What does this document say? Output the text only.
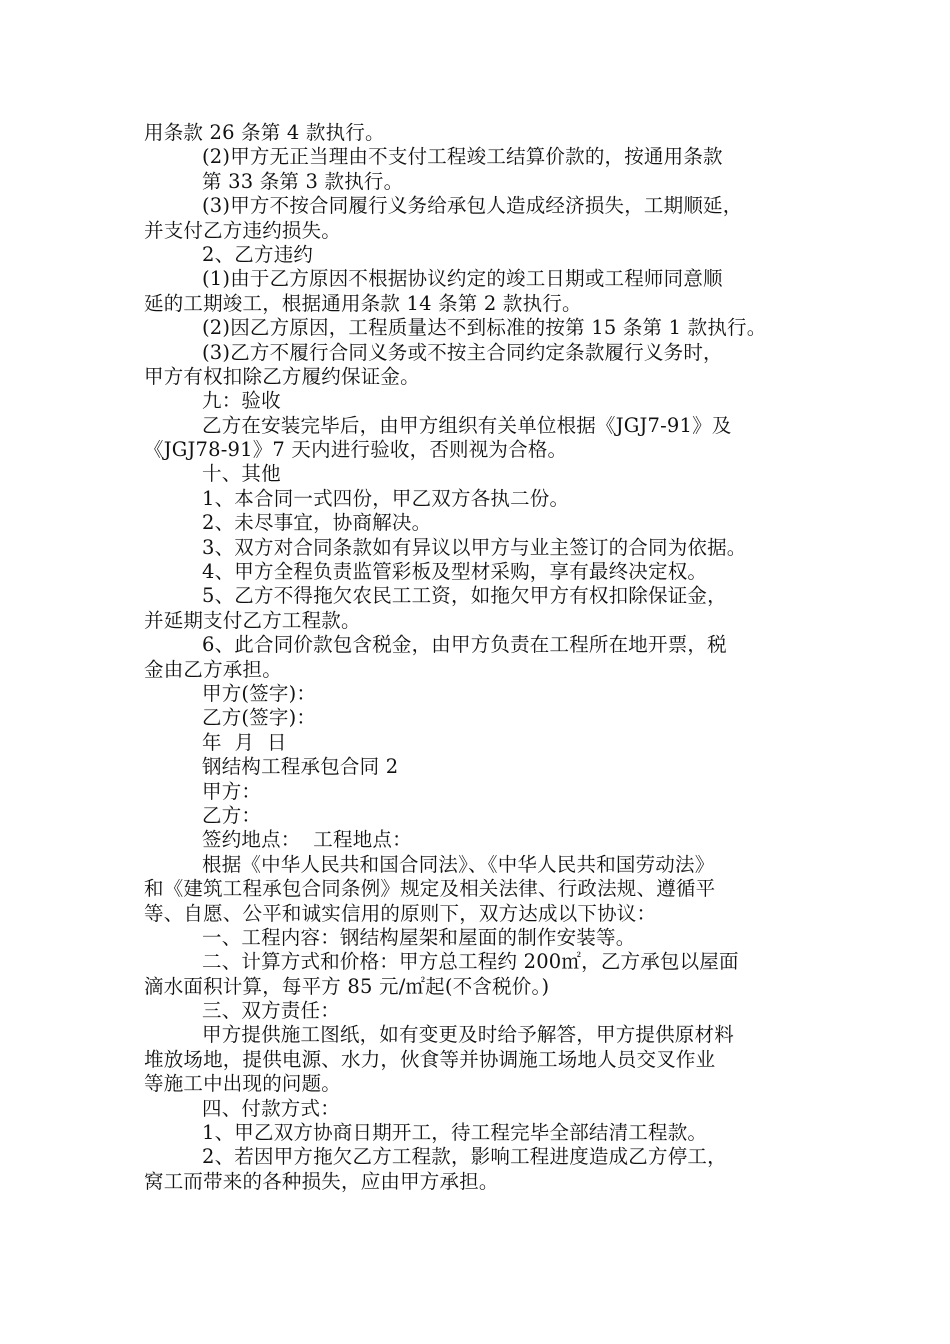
用条款 26 条第 4 款执行。
(2)甲方无正当理由不支付工程竣工结算价款的，按通用条款
第 33 条第 3 款执行。
(3)甲方不按合同履行义务给承包人造成经济损失，工期顺延，
并支付乙方违约损失。
2、乙方违约
(1)由于乙方原因不根据协议约定的竣工日期或工程师同意顺
延的工期竣工，根据通用条款 14 条第 2 款执行。
(2)因乙方原因，工程质量达不到标准的按第 15 条第 1 款执行。
(3)乙方不履行合同义务或不按主合同约定条款履行义务时，
甲方有权扣除乙方履约保证金。
九：验收
乙方在安装完毕后，由甲方组织有关单位根据《JGJ7-91》及
《JGJ78-91》7 天内进行验收，否则视为合格。
十、其他
1、本合同一式四份，甲乙双方各执二份。
2、未尽事宜，协商解决。
3、双方对合同条款如有异议以甲方与业主签订的合同为依据。
4、甲方全程负责监管彩板及型材采购，享有最终决定权。
5、乙方不得拖欠农民工工资，如拖欠甲方有权扣除保证金，
并延期支付乙方工程款。
6、此合同价款包含税金，由甲方负责在工程所在地开票，税
金由乙方承担。
甲方(签字)：
乙方(签字)：
年  月  日
钢结构工程承包合同 2
甲方：
乙方：
签约地点：  工程地点：
根据《中华人民共和国合同法》、《中华人民共和国劳动法》
和《建筑工程承包合同条例》规定及相关法律、行政法规、遵循平
等、自愿、公平和诚实信用的原则下，双方达成以下协议：
一、工程内容：钢结构屋架和屋面的制作安装等。
二、计算方式和价格：甲方总工程约 200㎡，乙方承包以屋面
滴水面积计算，每平方 85 元/㎡起(不含税价。)
三、双方责任：
甲方提供施工图纸，如有变更及时给予解答，甲方提供原材料
堆放场地，提供电源、水力，伙食等并协调施工场地人员交叉作业
等施工中出现的问题。
四、付款方式：
1、甲乙双方协商日期开工，待工程完毕全部结清工程款。
2、若因甲方拖欠乙方工程款，影响工程进度造成乙方停工，
窝工而带来的各种损失，应由甲方承担。
